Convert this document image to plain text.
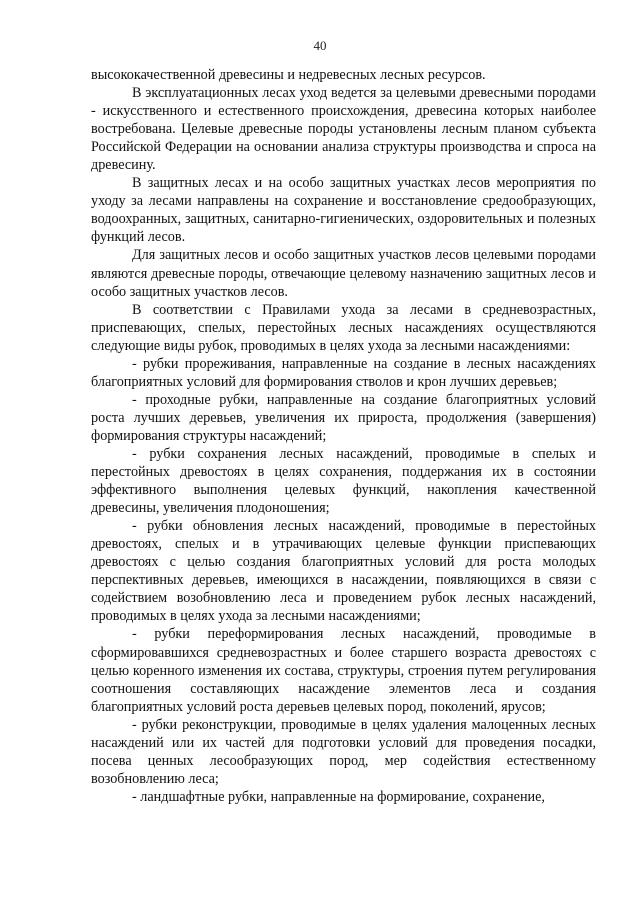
40

высококачественной древесины и недревесных лесных ресурсов.

В эксплуатационных лесах уход ведется за целевыми древесными породами - искусственного и естественного происхождения, древесина которых наиболее востребована. Целевые древесные породы установлены лесным планом субъекта Российской Федерации на основании анализа структуры производства и спроса на древесину.

В защитных лесах и на особо защитных участках лесов мероприятия по уходу за лесами направлены на сохранение и восстановление средообразующих, водоохранных, защитных, санитарно-гигиенических, оздоровительных и полезных функций лесов.

Для защитных лесов и особо защитных участков лесов целевыми породами являются древесные породы, отвечающие целевому назначению защитных лесов и особо защитных участков лесов.

В соответствии с Правилами ухода за лесами в средневозрастных, приспевающих, спелых, перестойных лесных насаждениях осуществляются следующие виды рубок, проводимых в целях ухода за лесными насаждениями:

- рубки прореживания, направленные на создание в лесных насаждениях благоприятных условий для формирования стволов и крон лучших деревьев;

- проходные рубки, направленные на создание благоприятных условий роста лучших деревьев, увеличения их прироста, продолжения (завершения) формирования структуры насаждений;

- рубки сохранения лесных насаждений, проводимые в спелых и перестойных древостоях в целях сохранения, поддержания их в состоянии эффективного выполнения целевых функций, накопления качественной древесины, увеличения плодоношения;

- рубки обновления лесных насаждений, проводимые в перестойных древостоях, спелых и в утрачивающих целевые функции приспевающих древостоях с целью создания благоприятных условий для роста молодых перспективных деревьев, имеющихся в насаждении, появляющихся в связи с содействием возобновлению леса и проведением рубок лесных насаждений, проводимых в целях ухода за лесными насаждениями;

- рубки переформирования лесных насаждений, проводимые в сформировавшихся средневозрастных и более старшего возраста древостоях с целью коренного изменения их состава, структуры, строения путем регулирования соотношения составляющих насаждение элементов леса и создания благоприятных условий роста деревьев целевых пород, поколений, ярусов;

- рубки реконструкции, проводимые в целях удаления малоценных лесных насаждений или их частей для подготовки условий для проведения посадки, посева ценных лесообразующих пород, мер содействия естественному возобновлению леса;

- ландшафтные рубки, направленные на формирование, сохранение,
